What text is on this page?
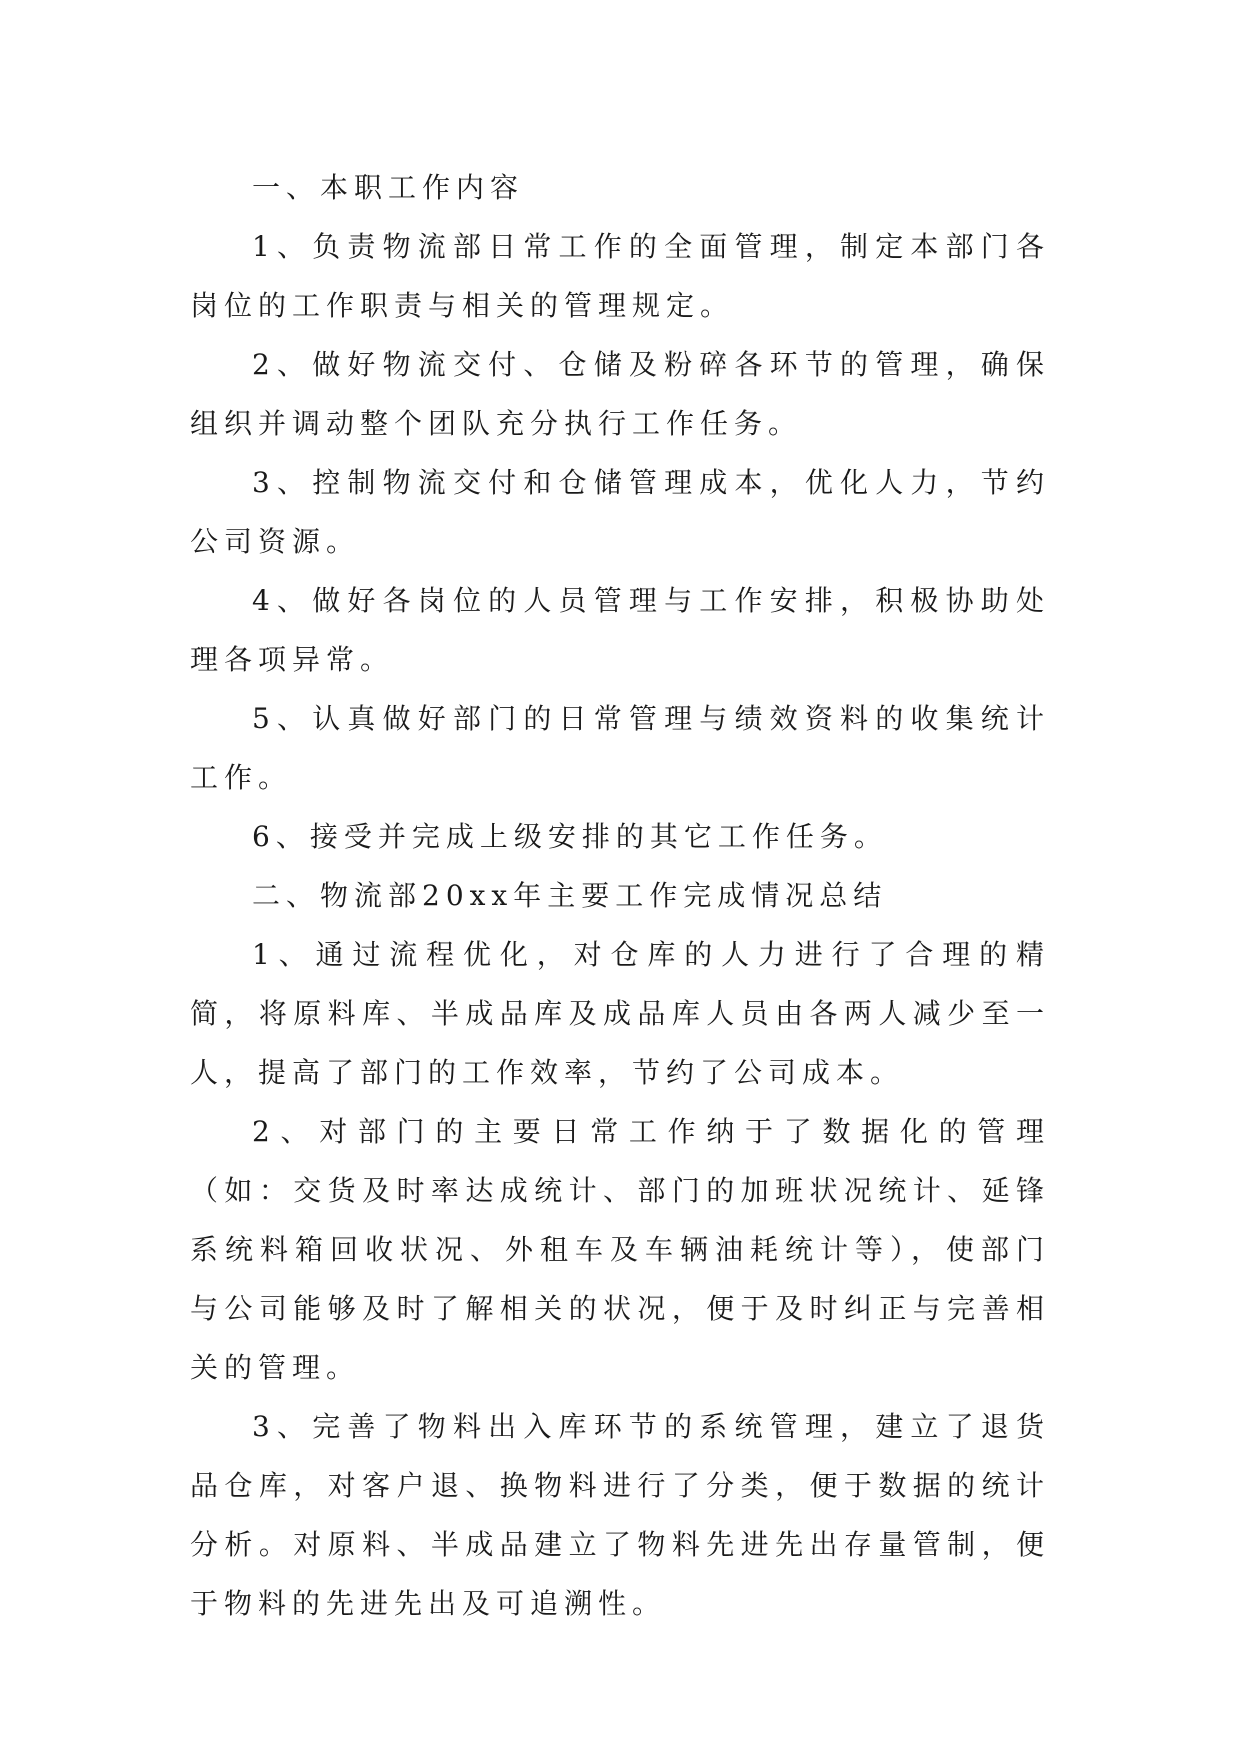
一、本职工作内容

1、负责物流部日常工作的全面管理，制定本部门各岗位的工作职责与相关的管理规定。

2、做好物流交付、仓储及粉碎各环节的管理，确保组织并调动整个团队充分执行工作任务。

3、控制物流交付和仓储管理成本，优化人力，节约公司资源。

4、做好各岗位的人员管理与工作安排，积极协助处理各项异常。

5、认真做好部门的日常管理与绩效资料的收集统计工作。

6、接受并完成上级安排的其它工作任务。

二、物流部20xx年主要工作完成情况总结

1、通过流程优化，对仓库的人力进行了合理的精简，将原料库、半成品库及成品库人员由各两人减少至一人，提高了部门的工作效率，节约了公司成本。

2、对部门的主要日常工作纳于了数据化的管理（如：交货及时率达成统计、部门的加班状况统计、延锋系统料箱回收状况、外租车及车辆油耗统计等），使部门与公司能够及时了解相关的状况，便于及时纠正与完善相关的管理。

3、完善了物料出入库环节的系统管理，建立了退货品仓库，对客户退、换物料进行了分类，便于数据的统计分析。对原料、半成品建立了物料先进先出存量管制，便于物料的先进先出及可追溯性。
